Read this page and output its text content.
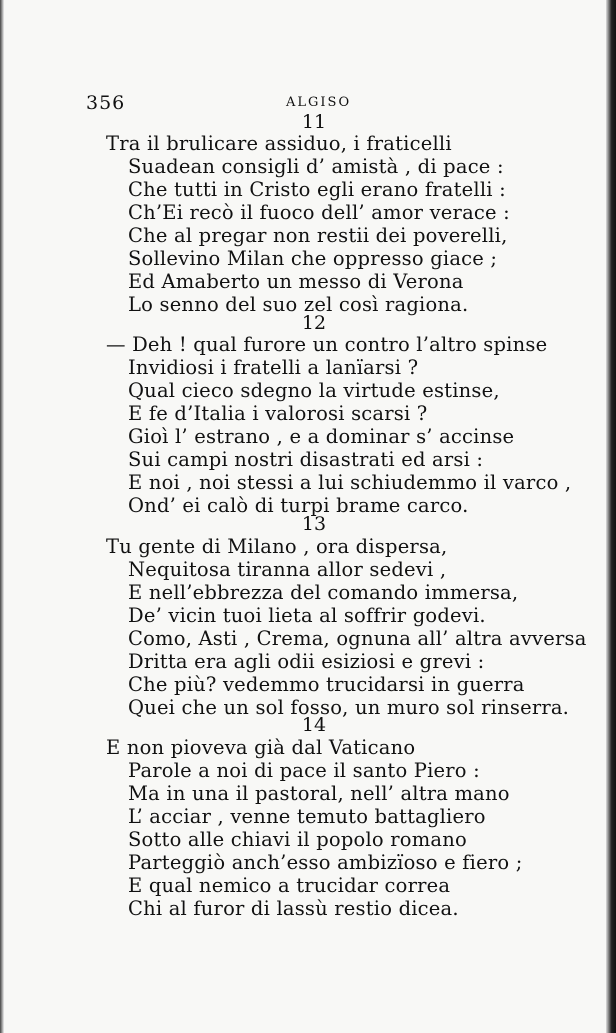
356	ALGISO
11
Tra il brulicare assiduo, i fraticelli
Suadean consigli d’ amistà , di pace :
Che tutti in Cristo egli erano fratelli :
Ch’Ei recò il fuoco dell’ amor verace :
Che al pregar non restii dei poverelli,
Sollevino Milan che oppresso giace ;
Ed Amaberto un messo di Verona
Lo senno del suo zel così ragiona.
12
— Deh ! qual furore un contro l’altro spinse
Invidiosi i fratelli a lanïarsi ?
Qual cieco sdegno la virtude estinse,
E fe d’Italia i valorosi scarsi ?
Gioì l’ estrano , e a dominar s’ accinse
Sui campi nostri disastrati ed arsi :
E noi , noi stessi a lui schiudemmo il varco ,
Ond’ ei calò di turpi brame carco.
13
Tu gente di Milano , ora dispersa,
Nequitosa tiranna allor sedevi ,
E nell’ebbrezza del comando immersa,
De’ vicin tuoi lieta al soffrir godevi.
Como, Asti , Crema, ognuna all’ altra avversa
Dritta era agli odii esiziosi e grevi :
Che più? vedemmo trucidarsi in guerra
Quei che un sol fosso, un muro sol rinserra.
14
E non pioveva già dal Vaticano
Parole a noi di pace il santo Piero :
Ma in una il pastoral, nell’ altra mano
L’ acciar , venne temuto battagliero
Sotto alle chiavi il popolo romano
Parteggiò anch’esso ambizïoso e fiero ;
E qual nemico a trucidar correa
Chi al furor di lassù restio dicea.
